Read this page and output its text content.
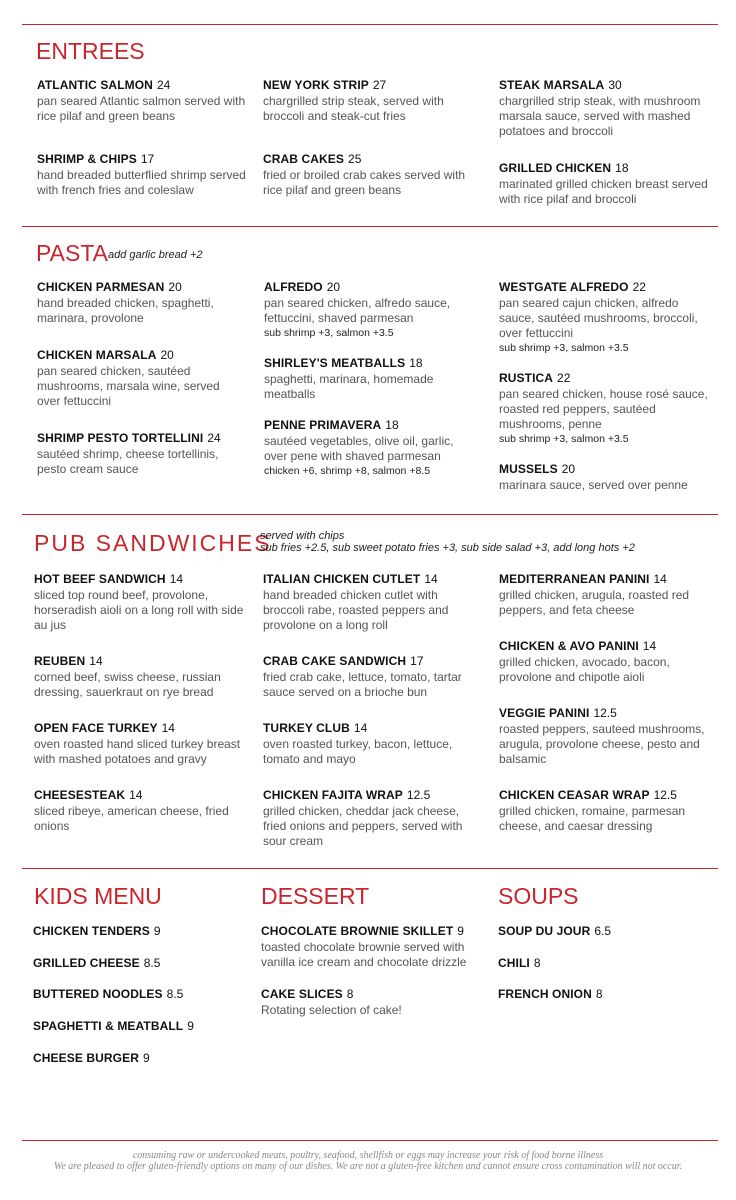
ENTREES
ATLANTIC SALMON 24
pan seared Atlantic salmon served with rice pilaf and green beans
SHRIMP & CHIPS 17
hand breaded butterflied shrimp served with french fries and coleslaw
NEW YORK STRIP 27
chargrilled strip steak, served with broccoli and steak-cut fries
CRAB CAKES 25
fried or broiled crab cakes served with rice pilaf and green beans
STEAK MARSALA 30
chargrilled strip steak, with mushroom marsala sauce, served with mashed potatoes and broccoli
GRILLED CHICKEN 18
marinated grilled chicken breast served with rice pilaf and broccoli
PASTA add garlic bread +2
CHICKEN PARMESAN 20
hand breaded chicken, spaghetti, marinara, provolone
CHICKEN MARSALA 20
pan seared chicken, sautéed mushrooms, marsala wine, served over fettuccini
SHRIMP PESTO TORTELLINI 24
sautéed shrimp, cheese tortellinis, pesto cream sauce
ALFREDO 20
pan seared chicken, alfredo sauce, fettuccini, shaved parmesan
sub shrimp +3, salmon +3.5
SHIRLEY'S MEATBALLS 18
spaghetti, marinara, homemade meatballs
PENNE PRIMAVERA 18
sautéed vegetables, olive oil, garlic, over pene with shaved parmesan
chicken +6, shrimp +8, salmon +8.5
WESTGATE ALFREDO 22
pan seared cajun chicken, alfredo sauce, sautéed mushrooms, broccoli, over fettuccini
sub shrimp +3, salmon +3.5
RUSTICA 22
pan seared chicken, house rosé sauce, roasted red peppers, sautéed mushrooms, penne
sub shrimp +3, salmon +3.5
MUSSELS 20
marinara sauce, served over penne
PUB SANDWICHES
served with chips
sub fries +2.5, sub sweet potato fries +3, sub side salad +3, add long hots +2
HOT BEEF SANDWICH 14
sliced top round beef, provolone, horseradish aioli on a long roll with side au jus
REUBEN 14
corned beef, swiss cheese, russian dressing, sauerkraut on rye bread
OPEN FACE TURKEY 14
oven roasted hand sliced turkey breast with mashed potatoes and gravy
CHEESESTEAK 14
sliced ribeye, american cheese, fried onions
ITALIAN CHICKEN CUTLET 14
hand breaded chicken cutlet with broccoli rabe, roasted peppers and provolone on a long roll
CRAB CAKE SANDWICH 17
fried crab cake, lettuce, tomato, tartar sauce served on a brioche bun
TURKEY CLUB 14
oven roasted turkey, bacon, lettuce, tomato and mayo
CHICKEN FAJITA WRAP 12.5
grilled chicken, cheddar jack cheese, fried onions and peppers, served with sour cream
MEDITERRANEAN PANINI 14
grilled chicken, arugula, roasted red peppers, and feta cheese
CHICKEN & AVO PANINI 14
grilled chicken, avocado, bacon, provolone and chipotle aioli
VEGGIE PANINI 12.5
roasted peppers, sauteed mushrooms, arugula, provolone cheese, pesto and balsamic
CHICKEN CEASAR WRAP 12.5
grilled chicken, romaine, parmesan cheese, and caesar dressing
KIDS MENU
CHICKEN TENDERS 9
GRILLED CHEESE 8.5
BUTTERED NOODLES 8.5
SPAGHETTI & MEATBALL 9
CHEESE BURGER 9
DESSERT
CHOCOLATE BROWNIE SKILLET 9
toasted chocolate brownie served with vanilla ice cream and chocolate drizzle
CAKE SLICES 8
Rotating selection of cake!
SOUPS
SOUP DU JOUR 6.5
CHILI 8
FRENCH ONION 8
consuming raw or undercooked meats, poultry, seafood, shellfish or eggs may increase your risk of food borne illness
We are pleased to offer gluten-friendly options on many of our dishes. We are not a gluten-free kitchen and cannot ensure cross contamination will not occur.
